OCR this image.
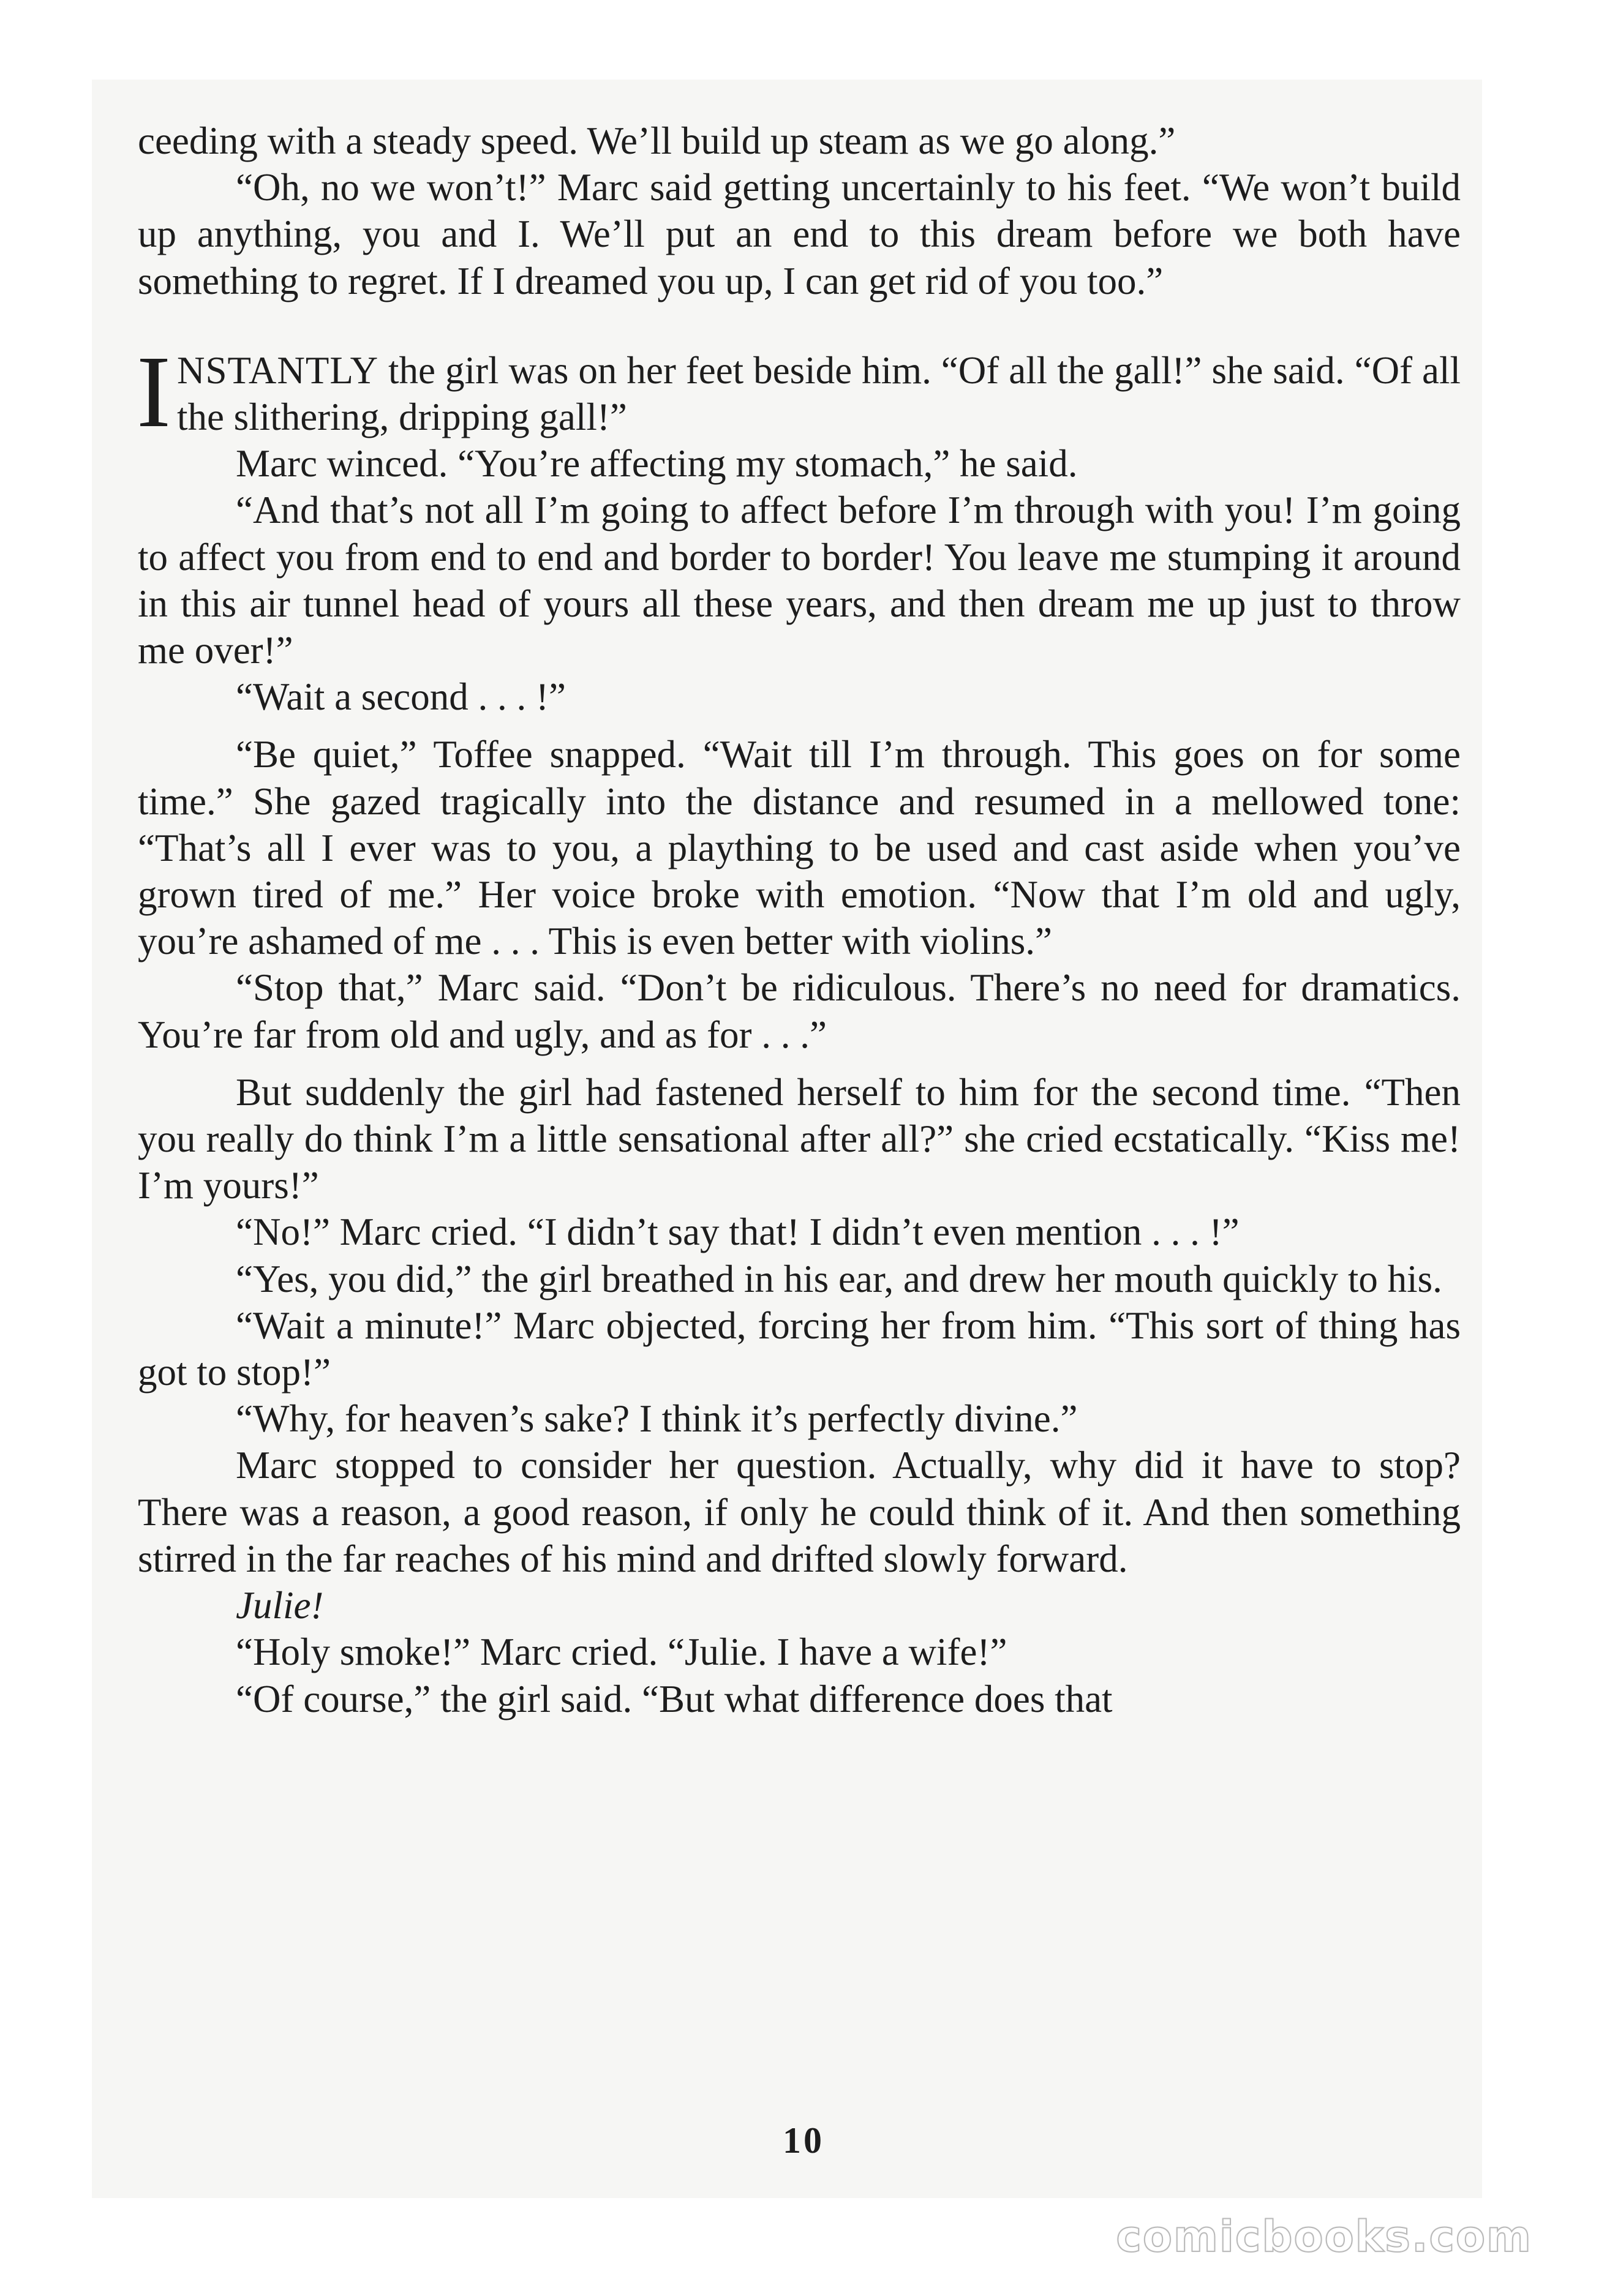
ceeding with a steady speed. We’ll build up steam as we go along.”

“Oh, no we won’t!” Marc said getting uncertainly to his feet. “We won’t build up anything, you and I. We’ll put an end to this dream before we both have something to regret. If I dreamed you up, I can get rid of you too.”

INSTANTLY the girl was on her feet beside him. “Of all the gall!” she said. “Of all the slithering, dripping gall!”

Marc winced. “You’re affecting my stomach,” he said.

“And that’s not all I’m going to affect before I’m through with you! I’m going to affect you from end to end and border to border! You leave me stumping it around in this air tunnel head of yours all these years, and then dream me up just to throw me over!”

“Wait a second . . . !”

“Be quiet,” Toffee snapped. “Wait till I’m through. This goes on for some time.” She gazed tragically into the distance and resumed in a mellowed tone: “That’s all I ever was to you, a plaything to be used and cast aside when you’ve grown tired of me.” Her voice broke with emotion. “Now that I’m old and ugly, you’re ashamed of me . . . This is even better with violins.”

“Stop that,” Marc said. “Don’t be ridiculous. There’s no need for dramatics. You’re far from old and ugly, and as for . . .”

But suddenly the girl had fastened herself to him for the second time. “Then you really do think I’m a little sensational after all?” she cried ecstatically. “Kiss me! I’m yours!”

“No!” Marc cried. “I didn’t say that! I didn’t even mention . . . !”

“Yes, you did,” the girl breathed in his ear, and drew her mouth quickly to his.

“Wait a minute!” Marc objected, forcing her from him. “This sort of thing has got to stop!”

“Why, for heaven’s sake? I think it’s perfectly divine.”

Marc stopped to consider her question. Actually, why did it have to stop? There was a reason, a good reason, if only he could think of it. And then something stirred in the far reaches of his mind and drifted slowly forward.

Julie!

“Holy smoke!” Marc cried. “Julie. I have a wife!”

“Of course,” the girl said. “But what difference does that

10
comicbooks.com
